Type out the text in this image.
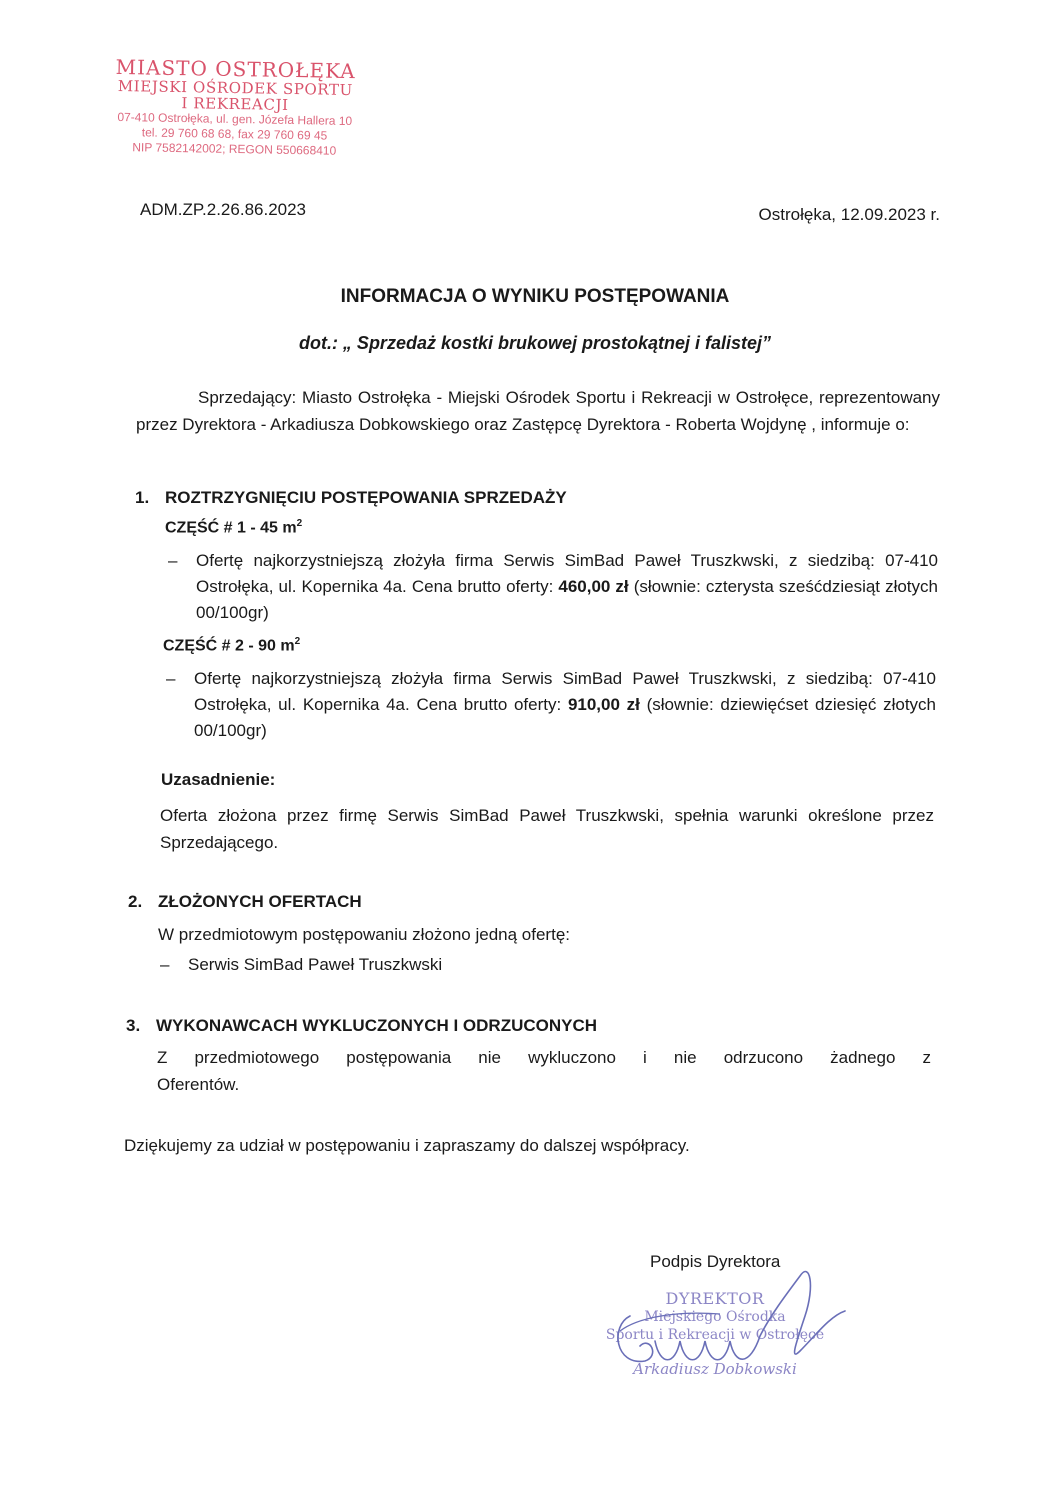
MIASTO OSTROŁĘKA
MIEJSKI OŚRODEK SPORTU
I REKREACJI
07-410 Ostrołęka, ul. gen. Józefa Hallera 10
tel. 29 760 68 68, fax 29 760 69 45
NIP 7582142002; REGON 550668410
ADM.ZP.2.26.86.2023	Ostrołęka, 12.09.2023 r.
INFORMACJA O WYNIKU POSTĘPOWANIA
dot.: „ Sprzedaż kostki brukowej prostokątnej i falistej”
Sprzedający: Miasto Ostrołęka - Miejski Ośrodek Sportu i Rekreacji w Ostrołęce, reprezentowany przez Dyrektora - Arkadiusza Dobkowskiego oraz Zastępcę Dyrektora - Roberta Wojdynę , informuje o:
1. ROZTRZYGNIĘCIU POSTĘPOWANIA SPRZEDAŻY
CZĘŚĆ # 1 - 45 $m^2$
– Ofertę najkorzystniejszą złożyła firma Serwis SimBad Paweł Truszkwski, z siedzibą: 07-410 Ostrołęka, ul. Kopernika 4a. Cena brutto oferty: 460,00 zł (słownie: czterysta sześćdziesiąt złotych 00/100gr)
CZĘŚĆ # 2 - 90 $m^2$
– Ofertę najkorzystniejszą złożyła firma Serwis SimBad Paweł Truszkwski, z siedzibą: 07-410 Ostrołęka, ul. Kopernika 4a. Cena brutto oferty: 910,00 zł (słownie: dziewięćset dziesięć złotych 00/100gr)
Uzasadnienie:
Oferta złożona przez firmę Serwis SimBad Paweł Truszkwski, spełnia warunki określone przez Sprzedającego.
2. ZŁOŻONYCH OFERTACH
W przedmiotowym postępowaniu złożono jedną ofertę:
– Serwis SimBad Paweł Truszkwski
3. WYKONAWCACH WYKLUCZONYCH I ODRZUCONYCH
Z przedmiotowego postępowania nie wykluczono i nie odrzucono żadnego z Oferentów.
Dziękujemy za udział w postępowaniu i zapraszamy do dalszej współpracy.
Podpis Dyrektora
DYREKTOR
Miejskiego Ośrodka
Sportu i Rekreacji w Ostrołęce
Arkadiusz Dobkowski
